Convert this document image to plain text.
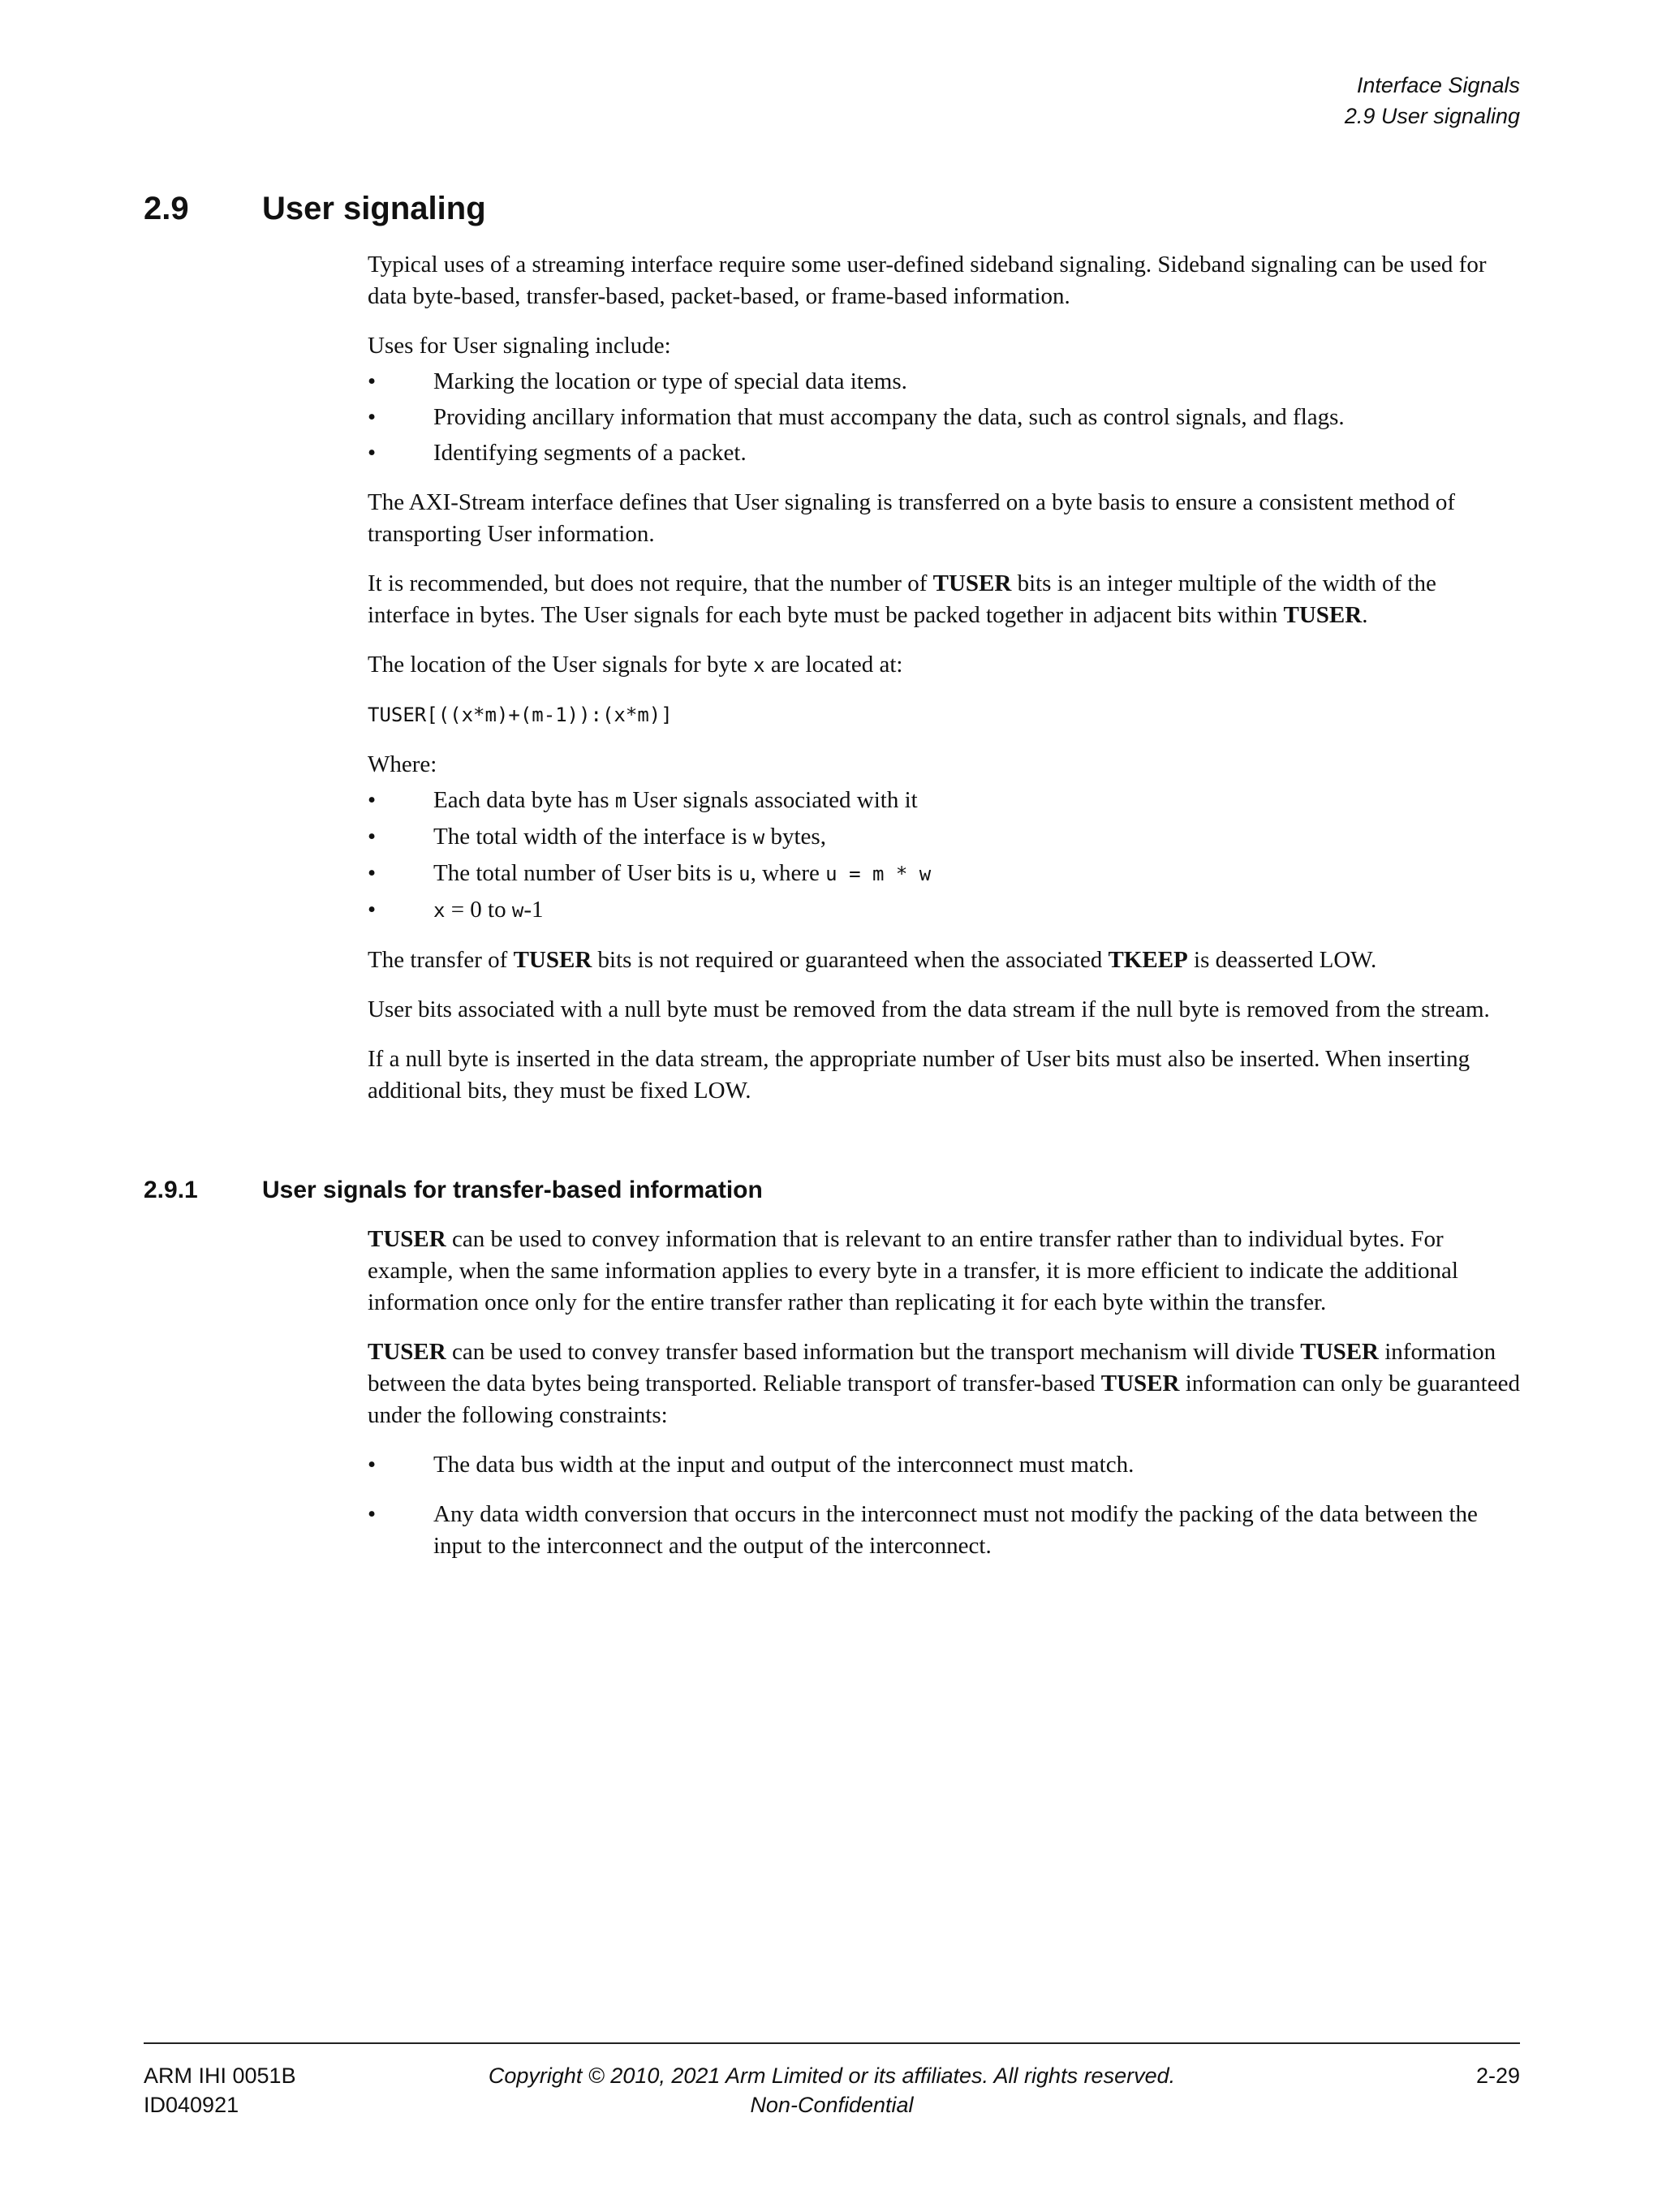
Interface Signals
2.9 User signaling
2.9 User signaling

Typical uses of a streaming interface require some user-defined sideband signaling. Sideband signaling can be used for data byte-based, transfer-based, packet-based, or frame-based information.

Uses for User signaling include:

• Marking the location or type of special data items.
• Providing ancillary information that must accompany the data, such as control signals, and flags.
• Identifying segments of a packet.

The AXI-Stream interface defines that User signaling is transferred on a byte basis to ensure a consistent method of transporting User information.

It is recommended, but does not require, that the number of TUSER bits is an integer multiple of the width of the interface in bytes. The User signals for each byte must be packed together in adjacent bits within TUSER.

The location of the User signals for byte x are located at:

TUSER[((x*m)+(m-1)):(x*m)]

Where:

• Each data byte has m User signals associated with it
• The total width of the interface is w bytes,
• The total number of User bits is u, where u = m * w
•	x = 0 to w-1

The transfer of TUSER bits is not required or guaranteed when the associated TKEEP is deasserted LOW.

User bits associated with a null byte must be removed from the data stream if the null byte is removed from the stream.

If a null byte is inserted in the data stream, the appropriate number of User bits must also be inserted. When inserting additional bits, they must be fixed LOW.

2.9.1	User signals for transfer-based information

TUSER can be used to convey information that is relevant to an entire transfer rather than to individual bytes. For example, when the same information applies to every byte in a transfer, it is more efficient to indicate the additional information once only for the entire transfer rather than replicating it for each byte within the transfer.

TUSER can be used to convey transfer based information but the transport mechanism will divide TUSER information between the data bytes being transported. Reliable transport of transfer-based TUSER information can only be guaranteed under the following constraints:

• The data bus width at the input and output of the interconnect must match.
• Any data width conversion that occurs in the interconnect must not modify the packing of the data between the input to the interconnect and the output of the interconnect.
ARM IHI 0051B
ID040921
Copyright © 2010, 2021 Arm Limited or its affiliates. All rights reserved.
Non-Confidential
2-29
